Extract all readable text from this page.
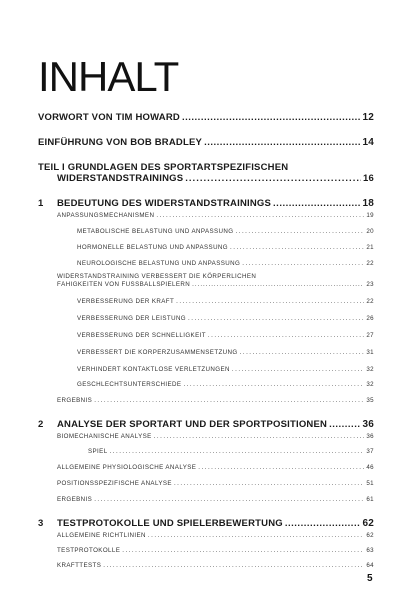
INHALT
VORWORT VON TIM HOWARD .....	12
EINFÜHRUNG VON BOB BRADLEY .....	14
TEIL I GRUNDLAGEN DES SPORTARTSPEZIFISCHEN
WIDERSTANDSTRAININGS .....	16
1 BEDEUTUNG DES WIDERSTANDSTRAININGS .....	18
ANPASSUNGSMECHANISMEN .....	19
METABOLISCHE BELASTUNG UND ANPASSUNG .....	20
HORMONELLE BELASTUNG UND ANPASSUNG .....	21
NEUROLOGISCHE BELASTUNG UND ANPASSUNG .....	22
WIDERSTANDSTRAINING VERBESSERT DIE KÖRPERLICHEN
FÄHIGKEITEN VON FUSSBALLSPIELERN .....	23
VERBESSERUNG DER KRAFT .....	22
VERBESSERUNG DER LEISTUNG .....	26
VERBESSERUNG DER SCHNELLIGKEIT .....	27
VERBESSERT DIE KÖRPERZUSAMMENSETZUNG .....	31
VERHINDERT KONTAKTLOSE VERLETZUNGEN .....	32
GESCHLECHTSUNTERSCHIEDE .....	32
ERGEBNIS .....	35
2 ANALYSE DER SPORTART UND DER SPORTPOSITIONEN .....	36
BIOMECHANISCHE ANALYSE .....	36
SPIEL .....	37
ALLGEMEINE PHYSIOLOGISCHE ANALYSE .....	46
POSITIONSSPEZIFISCHE ANALYSE .....	51
ERGEBNIS .....	61
3 TESTPROTOKOLLE UND SPIELERBEWERTUNG .....	62
ALLGEMEINE RICHTLINIEN .....	62
TESTPROTOKOLLE .....	63
KRAFTTESTS .....	64
5
